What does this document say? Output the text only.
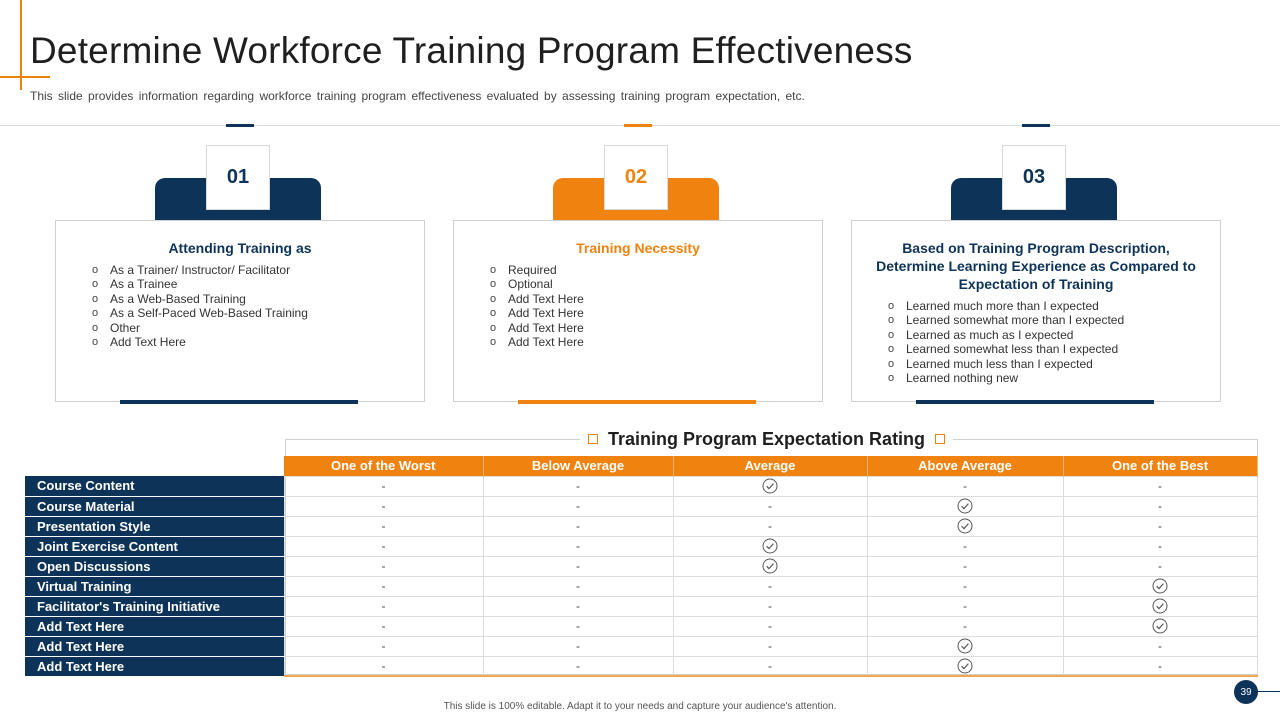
Determine Workforce Training Program Effectiveness
This slide provides information regarding workforce training program effectiveness evaluated by assessing training program expectation, etc.
01
Attending Training as
o As a Trainer/ Instructor/ Facilitator
o As a Trainee
o As a Web-Based Training
o As a Self-Paced Web-Based Training
o Other
o Add Text Here
02
Training Necessity
o Required
o Optional
o Add Text Here
o Add Text Here
o Add Text Here
o Add Text Here
03
Based on Training Program Description, Determine Learning Experience as Compared to Expectation of Training
o Learned much more than I expected
o Learned somewhat more than I expected
o Learned as much as I expected
o Learned somewhat less than I expected
o Learned much less than I expected
o Learned nothing new
Training Program Expectation Rating
	One of the Worst	Below Average	Average	Above Average	One of the Best
Course Content	-	-		-	-
Course Material	-	-	-		-
Presentation Style	-	-	-		-
Joint Exercise Content	-	-		-	-
Open Discussions	-	-		-	-
Virtual Training	-	-	-	-	
Facilitator's Training Initiative	-	-	-	-	
Add Text Here	-	-	-	-	
Add Text Here	-	-	-		-
Add Text Here	-	-	-		-
This slide is 100% editable. Adapt it to your needs and capture your audience's attention.
39
